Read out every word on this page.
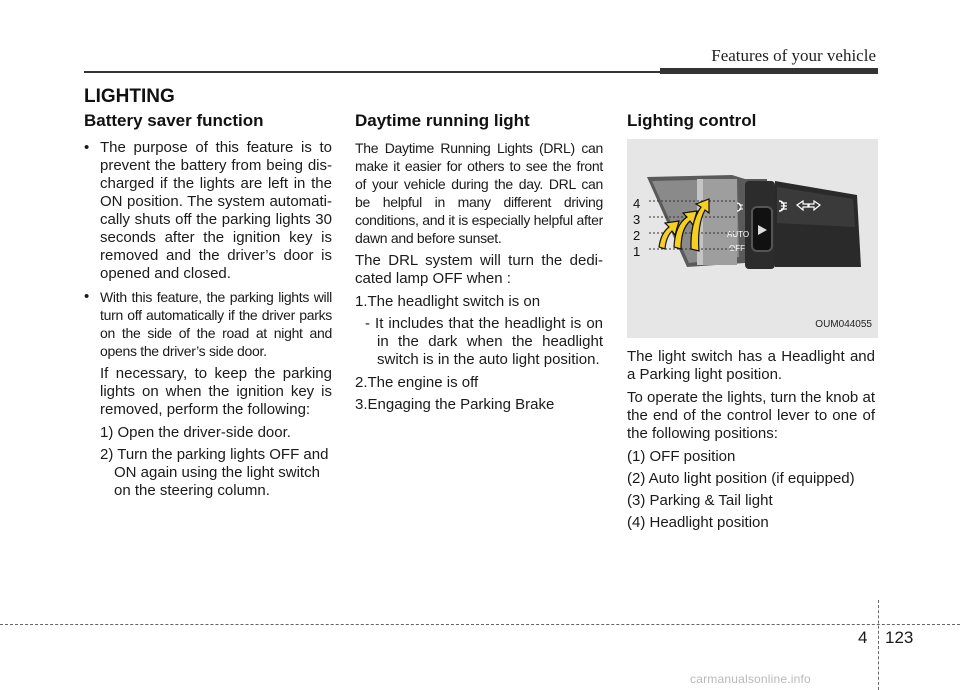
Features of your vehicle
LIGHTING
Battery saver function
• The purpose of this feature is to prevent the battery from being dis-charged if the lights are left in the ON position. The system automati-cally shuts off the parking lights 30 seconds after the ignition key is removed and the driver’s door is opened and closed.

• With this feature, the parking lights will turn off automatically if the driver parks on the side of the road at night and opens the driver’s side door.

If necessary, to keep the parking lights on when the ignition key is removed, perform the following:

1) Open the driver-side door.

2) Turn the parking lights OFF and ON again using the light switch on the steering column.

Daytime running light

The Daytime Running Lights (DRL) can make it easier for others to see the front of your vehicle during the day. DRL can be helpful in many different driving conditions, and it is especially helpful after dawn and before sunset.

The DRL system will turn the dedi-cated lamp OFF when :

1.The headlight switch is on

- It includes that the headlight is on in the dark when the headlight switch is in the auto light position.

2.The engine is off

3.Engaging the Parking Brake

Lighting control
AUTO
OFF
4
3
2
1
OUM044055

The light switch has a Headlight and a Parking light position.

To operate the lights, turn the knob at the end of the control lever to one of the following positions:

(1) OFF position

(2) Auto light position (if equipped)

(3) Parking & Tail light

(4) Headlight position

4 123
carmanualsonline.info
